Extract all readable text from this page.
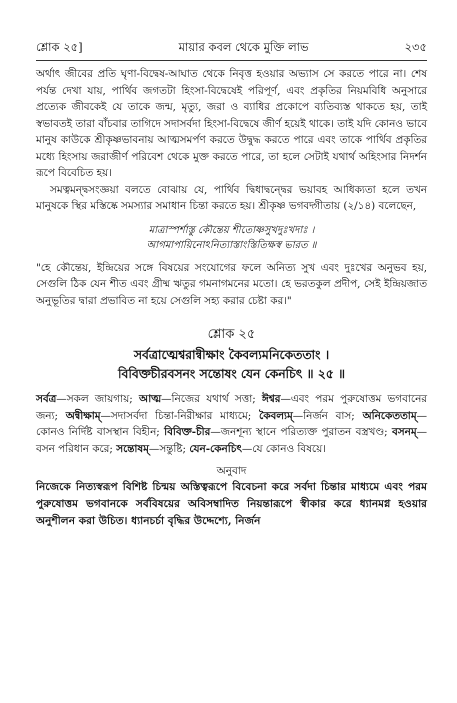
শ্লোক ২৫]	মায়ার কবল থেকে মুক্তি লাভ	২৩৫

অর্থাৎ জীবের প্রতি ঘৃণা-বিদ্বেষ-আঘাত থেকে নিবৃত্ত হওয়ার অভ্যাস সে করতে পারে না। শেষ পর্যন্ত দেখা যায়, পার্থিব জগতটা হিংসা-বিদ্বেষেই পরিপূর্ণ, এবং প্রকৃতির নিয়মবিধি অনুসারে প্রত্যেক জীবকেই যে তাকে জন্ম, মৃত্যু, জরা ও ব্যাধির প্রকোপে ব্যতিব্যস্ত থাকতে হয়, তাই স্বভাবতই তারা বাঁচবার তাগিদে সদাসর্বদা হিংসা-বিদ্বেষে জীর্ণ হয়েই থাকে। তাই যদি কোনও ভাবে মানুষ কাউকে শ্রীকৃষ্ণভাবনায় আত্মসমর্পণ করতে উদ্বুদ্ধ করতে পারে এবং তাকে পার্থিব প্রকৃতির মধ্যে হিংসায় জরাজীর্ণ পরিবেশ থেকে মুক্ত করতে পারে, তা হলে সেটাই যথার্থ অহিংসার নিদর্শন রূপে বিবেচিত হয়।

সমত্বমন্দ্বসংজ্ঞয়া বলতে বোঝায় যে, পার্থিব দ্বিধাদ্বন্দ্বের ভয়াবহ আধিক্যতা হলে তখন মানুষকে স্থির মস্তিষ্কে সমস্যার সমাধান চিন্তা করতে হয়। শ্রীকৃষ্ণ ভগবদ্গীতায় (২/১৪) বলেছেন,

মাত্রাস্পর্শাস্তু কৌন্তেয় শীতোষ্ণসুখদুঃখদাঃ ।
আগমাপায়িনোঽনিত্যাস্তাংস্তিতিক্ষস্ব ভারত ॥

"হে কৌন্তেয়, ইন্দ্রিয়ের সঙ্গে বিষয়ের সংযোগের ফলে অনিত্য সুখ এবং দুঃখের অনুভব হয়, সেগুলি ঠিক যেন শীত এবং গ্রীষ্ম ঋতুর গমনাগমনের মতো। হে ভরতকুল প্রদীপ, সেই ইন্দ্রিয়জাত অনুভূতির দ্বারা প্রভাবিত না হয়ে সেগুলি সহ্য করার চেষ্টা কর।"

শ্লোক ২৫
সর্বত্রাত্মেশ্বরান্বীক্ষাং কৈবল্যমনিকেততাং ।
বিবিক্তচীরবসনং সন্তোষং যেন কেনচিৎ ॥ ২৫ ॥

সর্বত্র—সকল জায়গায়; আত্ম—নিজের যথার্থ সত্তা; ঈশ্বর—এবং পরম পুরুষোত্তম ভগবানের জন্য; অন্বীক্ষাম্—সদাসর্বদা চিন্তা-নিরীক্ষার মাধ্যমে; কৈবল্যম্—নির্জন বাস; অনিকেততাম্—কোনও নির্দিষ্ট বাসস্থান বিহীন; বিবিক্ত-চীর—জনশূন্য স্থানে পরিত্যক্ত পুরাতন বস্ত্রখণ্ড; বসনম্—বসন পরিধান করে; সন্তোষম্—সন্তুষ্টি; যেন-কেনচিৎ—যে কোনও বিষয়ে।

অনুবাদ

নিজেকে নিত্যস্বরূপ বিশিষ্ট চিন্ময় অস্তিত্বরূপে বিবেচনা করে সর্বদা চিন্তার মাধ্যমে এবং পরম পুরুষোত্তম ভগবানকে সর্ববিষয়ের অবিসম্বাদিত নিয়ন্তারূপে স্বীকার করে ধ্যানমগ্ন হওয়ার অনুশীলন করা উচিত। ধ্যানচর্চা বৃদ্ধির উদ্দেশ্যে, নির্জন
